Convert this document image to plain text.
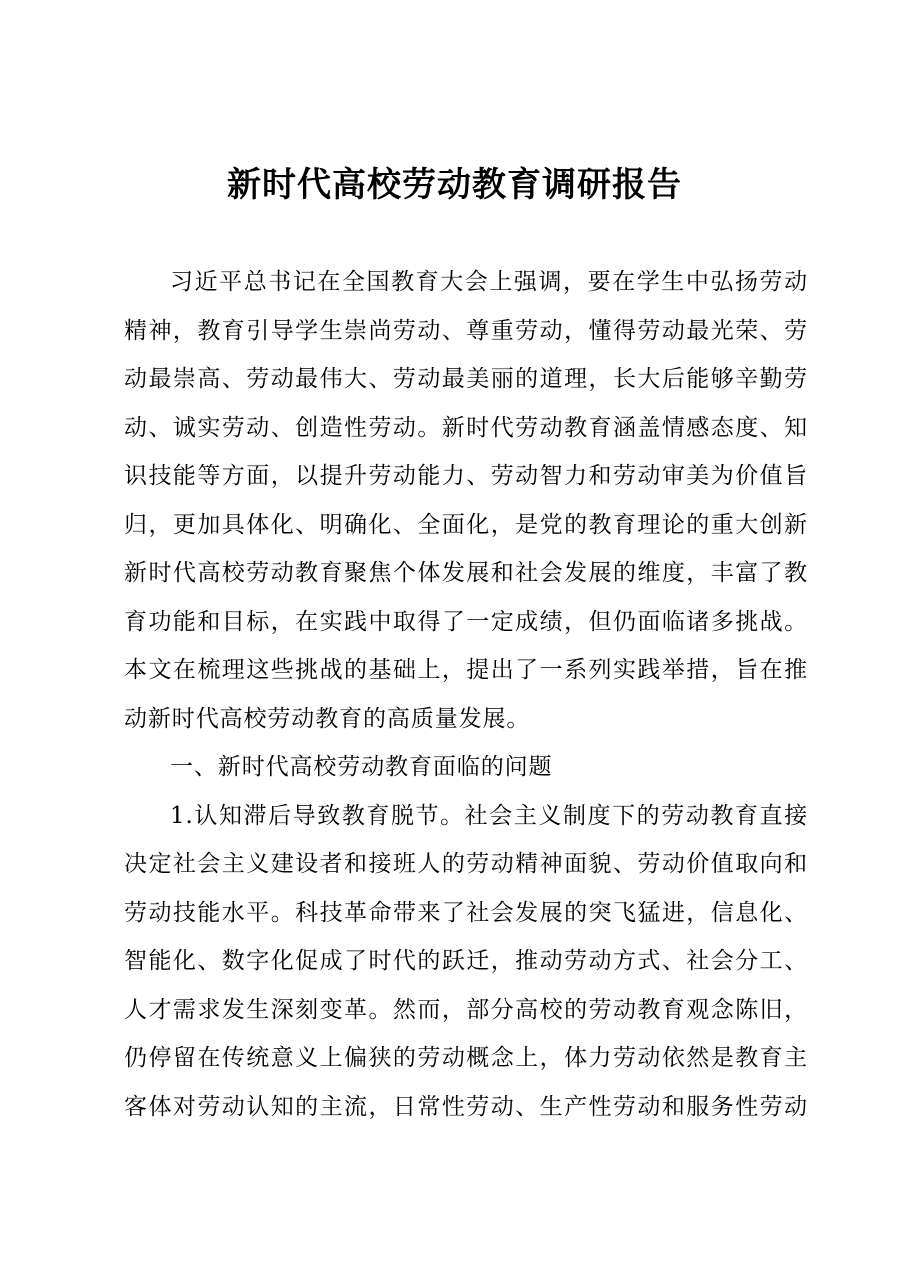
新时代高校劳动教育调研报告
习近平总书记在全国教育大会上强调，要在学生中弘扬劳动
精神，教育引导学生崇尚劳动、尊重劳动，懂得劳动最光荣、劳
动最崇高、劳动最伟大、劳动最美丽的道理，长大后能够辛勤劳
动、诚实劳动、创造性劳动。新时代劳动教育涵盖情感态度、知
识技能等方面，以提升劳动能力、劳动智力和劳动审美为价值旨
归，更加具体化、明确化、全面化，是党的教育理论的重大创新
新时代高校劳动教育聚焦个体发展和社会发展的维度，丰富了教
育功能和目标，在实践中取得了一定成绩，但仍面临诸多挑战。
本文在梳理这些挑战的基础上，提出了一系列实践举措，旨在推
动新时代高校劳动教育的高质量发展。
一、新时代高校劳动教育面临的问题
1.认知滞后导致教育脱节。社会主义制度下的劳动教育直接
决定社会主义建设者和接班人的劳动精神面貌、劳动价值取向和
劳动技能水平。科技革命带来了社会发展的突飞猛进，信息化、
智能化、数字化促成了时代的跃迁，推动劳动方式、社会分工、
人才需求发生深刻变革。然而，部分高校的劳动教育观念陈旧，
仍停留在传统意义上偏狭的劳动概念上，体力劳动依然是教育主
客体对劳动认知的主流，日常性劳动、生产性劳动和服务性劳动
